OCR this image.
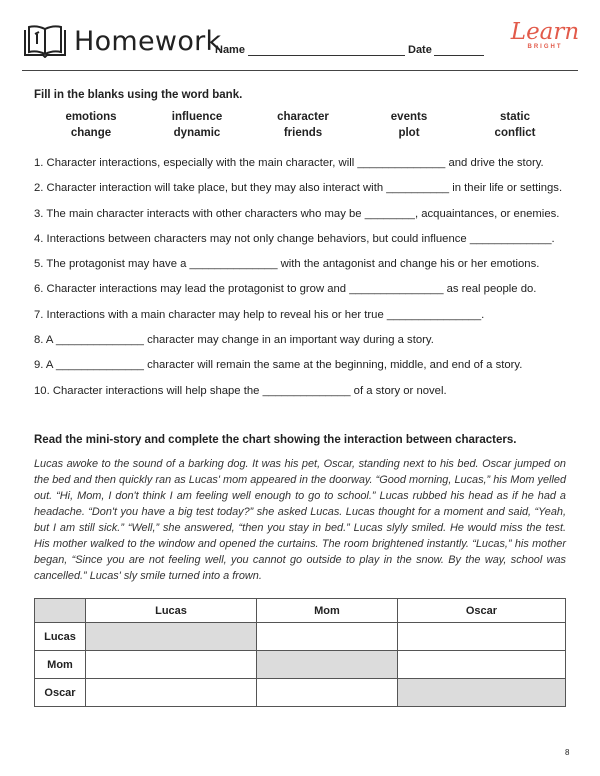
Homework
Name	Date
Learn
BRIGHT
Fill in the blanks using the word bank.
emotions	influence	character	events	static
change	dynamic	friends	plot	conflict
1. Character interactions, especially with the main character, will ______________ and drive the story.
2. Character interaction will take place, but they may also interact with __________ in their life or settings.
3. The main character interacts with other characters who may be ________, acquaintances, or enemies.
4. Interactions between characters may not only change behaviors, but could influence _____________.
5. The protagonist may have a ______________ with the antagonist and change his or her emotions.
6. Character interactions may lead the protagonist to grow and _______________ as real people do.
7. Interactions with a main character may help to reveal his or her true _______________.
8. A ______________ character may change in an important way during a story.
9. A ______________ character will remain the same at the beginning, middle, and end of a story.
10. Character interactions will help shape the ______________ of a story or novel.
Read the mini-story and complete the chart showing the interaction between characters.
Lucas awoke to the sound of a barking dog. It was his pet, Oscar, standing next to his bed. Oscar jumped on the bed and then quickly ran as Lucas' mom appeared in the doorway. “Good morning, Lucas,” his Mom yelled out. “Hi, Mom, I don't think I am feeling well enough to go to school.” Lucas rubbed his head as if he had a headache. “Don't you have a big test today?” she asked Lucas. Lucas thought for a moment and said, “Yeah, but I am still sick.” “Well,” she answered, “then you stay in bed.” Lucas slyly smiled. He would miss the test. His mother walked to the window and opened the curtains. The room brightened instantly. “Lucas,” his mother began, “Since you are not feeling well, you cannot go outside to play in the snow. By the way, school was cancelled.” Lucas' sly smile turned into a frown.
	Lucas	Mom	Oscar
Lucas			
Mom			
Oscar			
8
